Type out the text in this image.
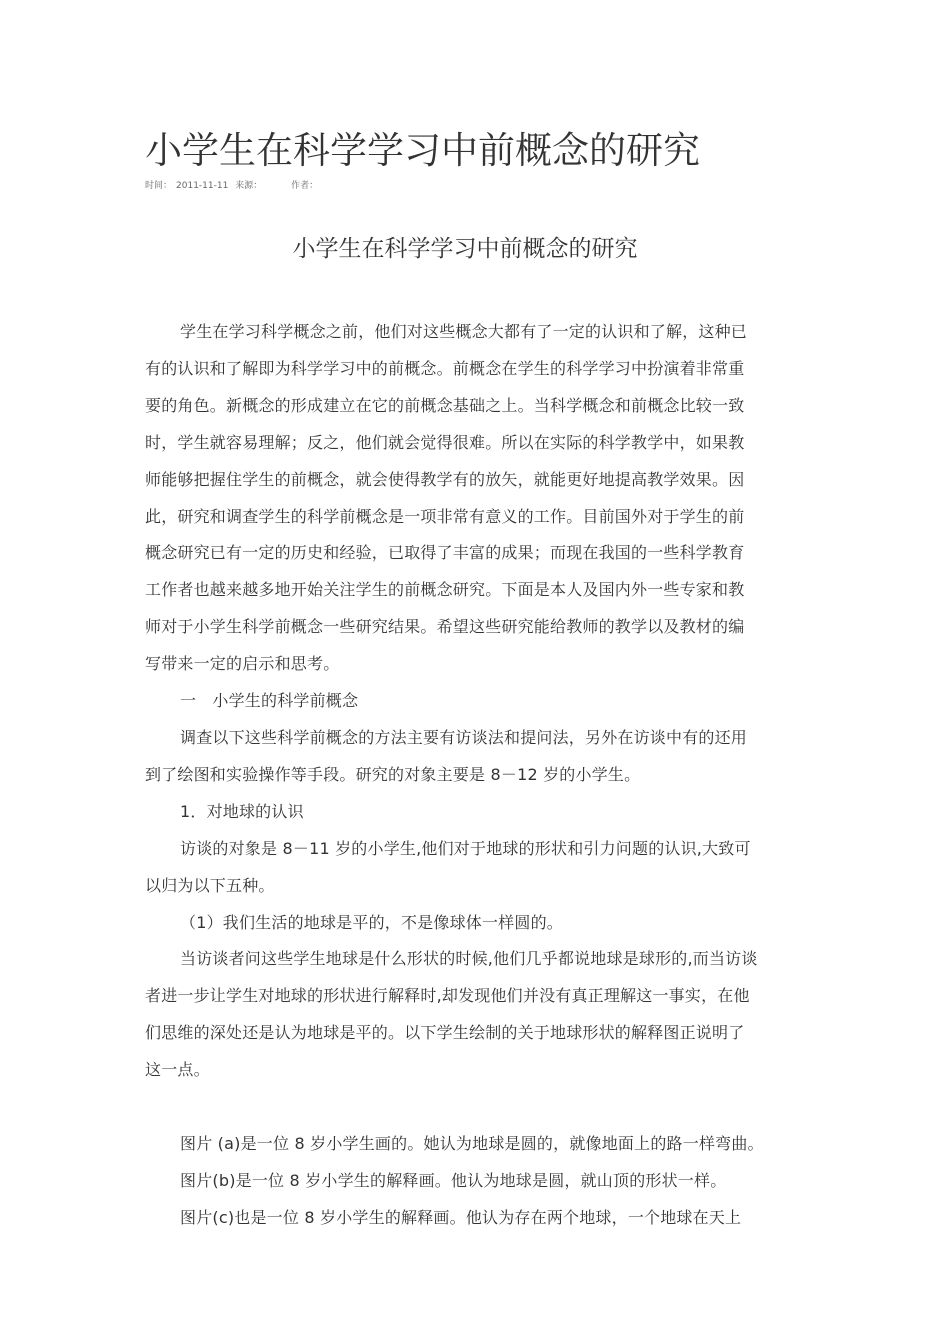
小学生在科学学习中前概念的研究
时间： 2011-11-11 来源：	作者：
小学生在科学学习中前概念的研究

学生在学习科学概念之前，他们对这些概念大都有了一定的认识和了解，这种已

有的认识和了解即为科学学习中的前概念。前概念在学生的科学学习中扮演着非常重

要的角色。新概念的形成建立在它的前概念基础之上。当科学概念和前概念比较一致

时，学生就容易理解；反之，他们就会觉得很难。所以在实际的科学教学中，如果教

师能够把握住学生的前概念，就会使得教学有的放矢，就能更好地提高教学效果。因

此，研究和调查学生的科学前概念是一项非常有意义的工作。目前国外对于学生的前

概念研究已有一定的历史和经验，已取得了丰富的成果；而现在我国的一些科学教育

工作者也越来越多地开始关注学生的前概念研究。下面是本人及国内外一些专家和教

师对于小学生科学前概念一些研究结果。希望这些研究能给教师的教学以及教材的编

写带来一定的启示和思考。

一　小学生的科学前概念

调查以下这些科学前概念的方法主要有访谈法和提问法，另外在访谈中有的还用

到了绘图和实验操作等手段。研究的对象主要是 8－12 岁的小学生。

1．对地球的认识

访谈的对象是 8－11 岁的小学生,他们对于地球的形状和引力问题的认识,大致可

以归为以下五种。

（1）我们生活的地球是平的，不是像球体一样圆的。

当访谈者问这些学生地球是什么形状的时候,他们几乎都说地球是球形的,而当访谈

者进一步让学生对地球的形状进行解释时,却发现他们并没有真正理解这一事实，在他

们思维的深处还是认为地球是平的。以下学生绘制的关于地球形状的解释图正说明了

这一点。

图片 (a)是一位 8 岁小学生画的。她认为地球是圆的，就像地面上的路一样弯曲。

图片(b)是一位 8 岁小学生的解释画。他认为地球是圆，就山顶的形状一样。

图片(c)也是一位 8 岁小学生的解释画。他认为存在两个地球，一个地球在天上
